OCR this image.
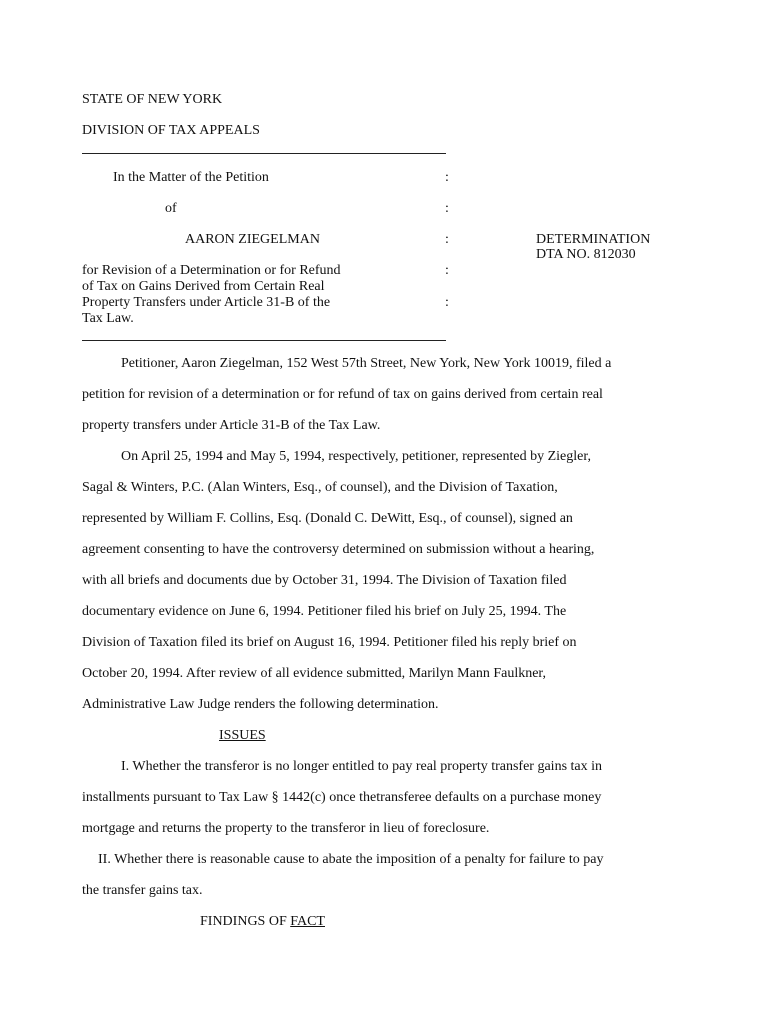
STATE OF NEW YORK
DIVISION OF TAX APPEALS
In the Matter of the Petition	:
of	:
AARON ZIEGELMAN	:	DETERMINATION
DTA NO. 812030
for Revision of a Determination or for Refund	:
of Tax on Gains Derived from Certain Real
Property Transfers under Article 31-B of the	:
Tax Law.
Petitioner, Aaron Ziegelman, 152 West 57th Street, New York, New York 10019, filed a
petition for revision of a determination or for refund of tax on gains derived from certain real
property transfers under Article 31-B of the Tax Law.
On April 25, 1994 and May 5, 1994, respectively, petitioner, represented by Ziegler,
Sagal & Winters, P.C. (Alan Winters, Esq., of counsel), and the Division of Taxation,
represented by William F. Collins, Esq. (Donald C. DeWitt, Esq., of counsel), signed an
agreement consenting to have the controversy determined on submission without a hearing,
with all briefs and documents due by October 31, 1994. The Division of Taxation filed
documentary evidence on June 6, 1994. Petitioner filed his brief on July 25, 1994. The
Division of Taxation filed its brief on August 16, 1994. Petitioner filed his reply brief on
October 20, 1994. After review of all evidence submitted, Marilyn Mann Faulkner,
Administrative Law Judge renders the following determination.
ISSUES
I. Whether the transferor is no longer entitled to pay real property transfer gains tax in
installments pursuant to Tax Law § 1442(c) once thetransferee defaults on a purchase money
mortgage and returns the property to the transferor in lieu of foreclosure.
II. Whether there is reasonable cause to abate the imposition of a penalty for failure to pay
the transfer gains tax.
FINDINGS OF FACT
